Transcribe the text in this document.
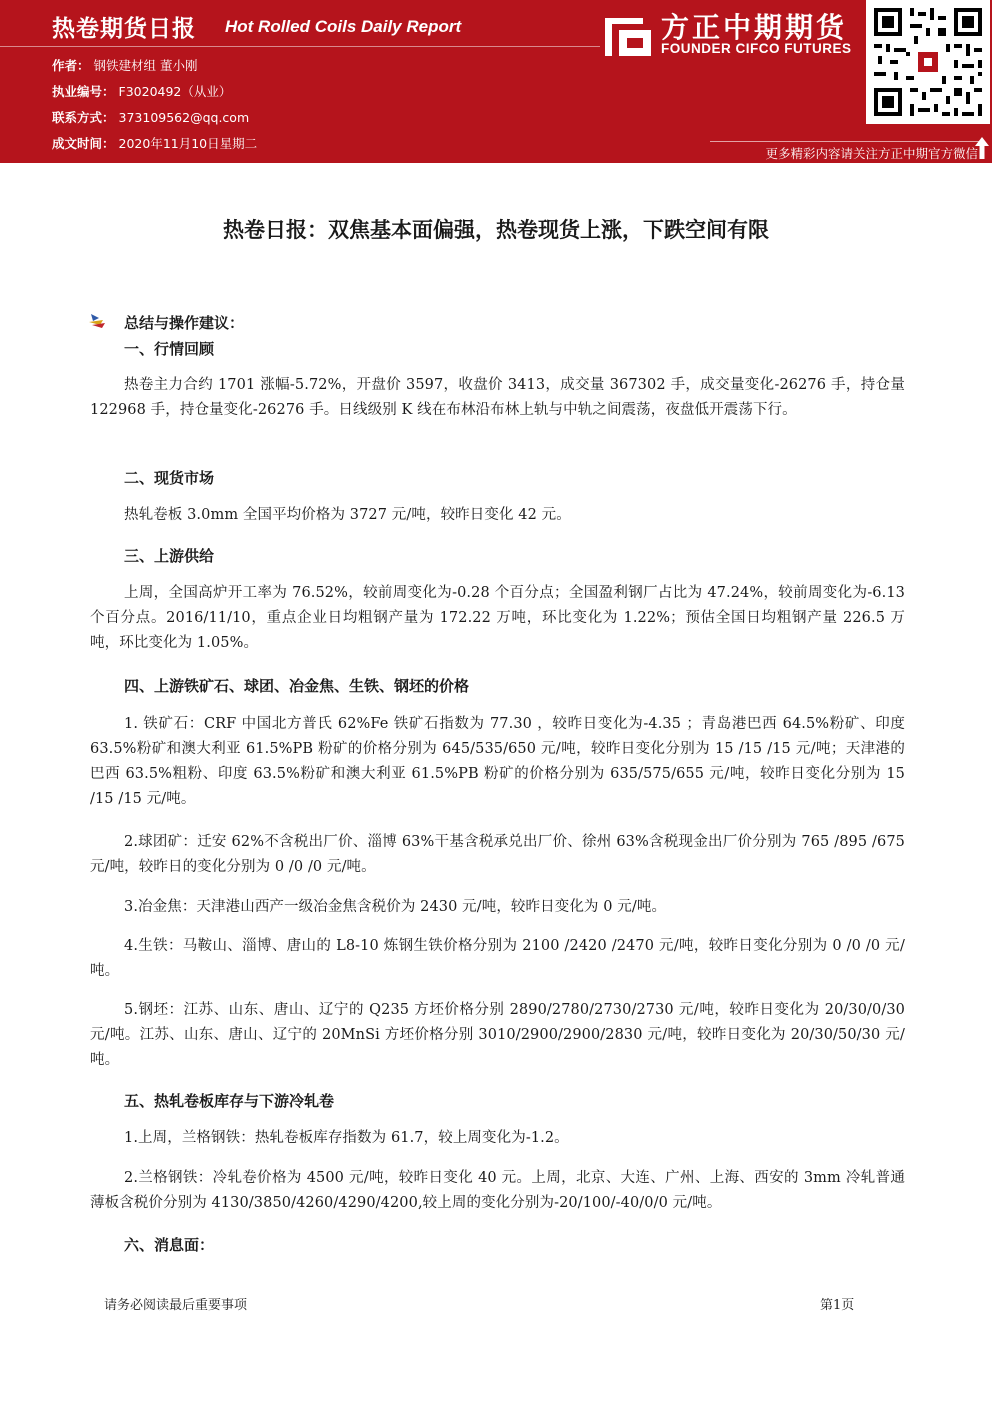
热卷期货日报 Hot Rolled Coils Daily Report
作者： 钢铁建材组 董小刚
执业编号： F3020492（从业）
联系方式： 373109562@qq.com
成文时间： 2020年11月10日星期二
方正中期期货
FOUNDER CIFCO FUTURES
更多精彩内容请关注方正中期官方微信
热卷日报：双焦基本面偏强，热卷现货上涨，下跌空间有限
总结与操作建议：
一、行情回顾
热卷主力合约 1701 涨幅-5.72%，开盘价 3597，收盘价 3413，成交量 367302 手，成交量变化-26276 手，持仓量 122968 手，持仓量变化-26276 手。日线级别 K 线在布林沿布林上轨与中轨之间震荡，夜盘低开震荡下行。
二、现货市场
热轧卷板 3.0mm 全国平均价格为 3727 元/吨，较昨日变化 42 元。
三、上游供给
上周，全国高炉开工率为 76.52%，较前周变化为-0.28 个百分点；全国盈利钢厂占比为 47.24%，较前周变化为-6.13 个百分点。2016/11/10，重点企业日均粗钢产量为 172.22 万吨，环比变化为 1.22%；预估全国日均粗钢产量 226.5 万吨，环比变化为 1.05%。
四、上游铁矿石、球团、冶金焦、生铁、钢坯的价格
1. 铁矿石：CRF 中国北方普氏 62%Fe 铁矿石指数为 77.30 ，较昨日变化为-4.35 ；青岛港巴西 64.5%粉矿、印度 63.5%粉矿和澳大利亚 61.5%PB 粉矿的价格分别为 645/535/650 元/吨，较昨日变化分别为 15 /15 /15 元/吨；天津港的巴西 63.5%粗粉、印度 63.5%粉矿和澳大利亚 61.5%PB 粉矿的价格分别为 635/575/655 元/吨，较昨日变化分别为 15 /15 /15 元/吨。
2.球团矿：迁安 62%不含税出厂价、淄博 63%干基含税承兑出厂价、徐州 63%含税现金出厂价分别为 765 /895 /675 元/吨，较昨日的变化分别为 0 /0 /0 元/吨。
3.冶金焦：天津港山西产一级冶金焦含税价为 2430 元/吨，较昨日变化为 0 元/吨。
4.生铁：马鞍山、淄博、唐山的 L8-10 炼钢生铁价格分别为 2100 /2420 /2470 元/吨，较昨日变化分别为 0 /0 /0 元/吨。
5.钢坯：江苏、山东、唐山、辽宁的 Q235 方坯价格分别 2890/2780/2730/2730 元/吨，较昨日变化为 20/30/0/30 元/吨。江苏、山东、唐山、辽宁的 20MnSi 方坯价格分别 3010/2900/2900/2830 元/吨，较昨日变化为 20/30/50/30 元/吨。
五、热轧卷板库存与下游冷轧卷
1.上周，兰格钢铁：热轧卷板库存指数为 61.7，较上周变化为-1.2。
2.兰格钢铁：冷轧卷价格为 4500 元/吨，较昨日变化 40 元。上周，北京、大连、广州、上海、西安的 3mm 冷轧普通薄板含税价分别为 4130/3850/4260/4290/4200,较上周的变化分别为-20/100/-40/0/0 元/吨。
六、消息面：
请务必阅读最后重要事项	第1页
